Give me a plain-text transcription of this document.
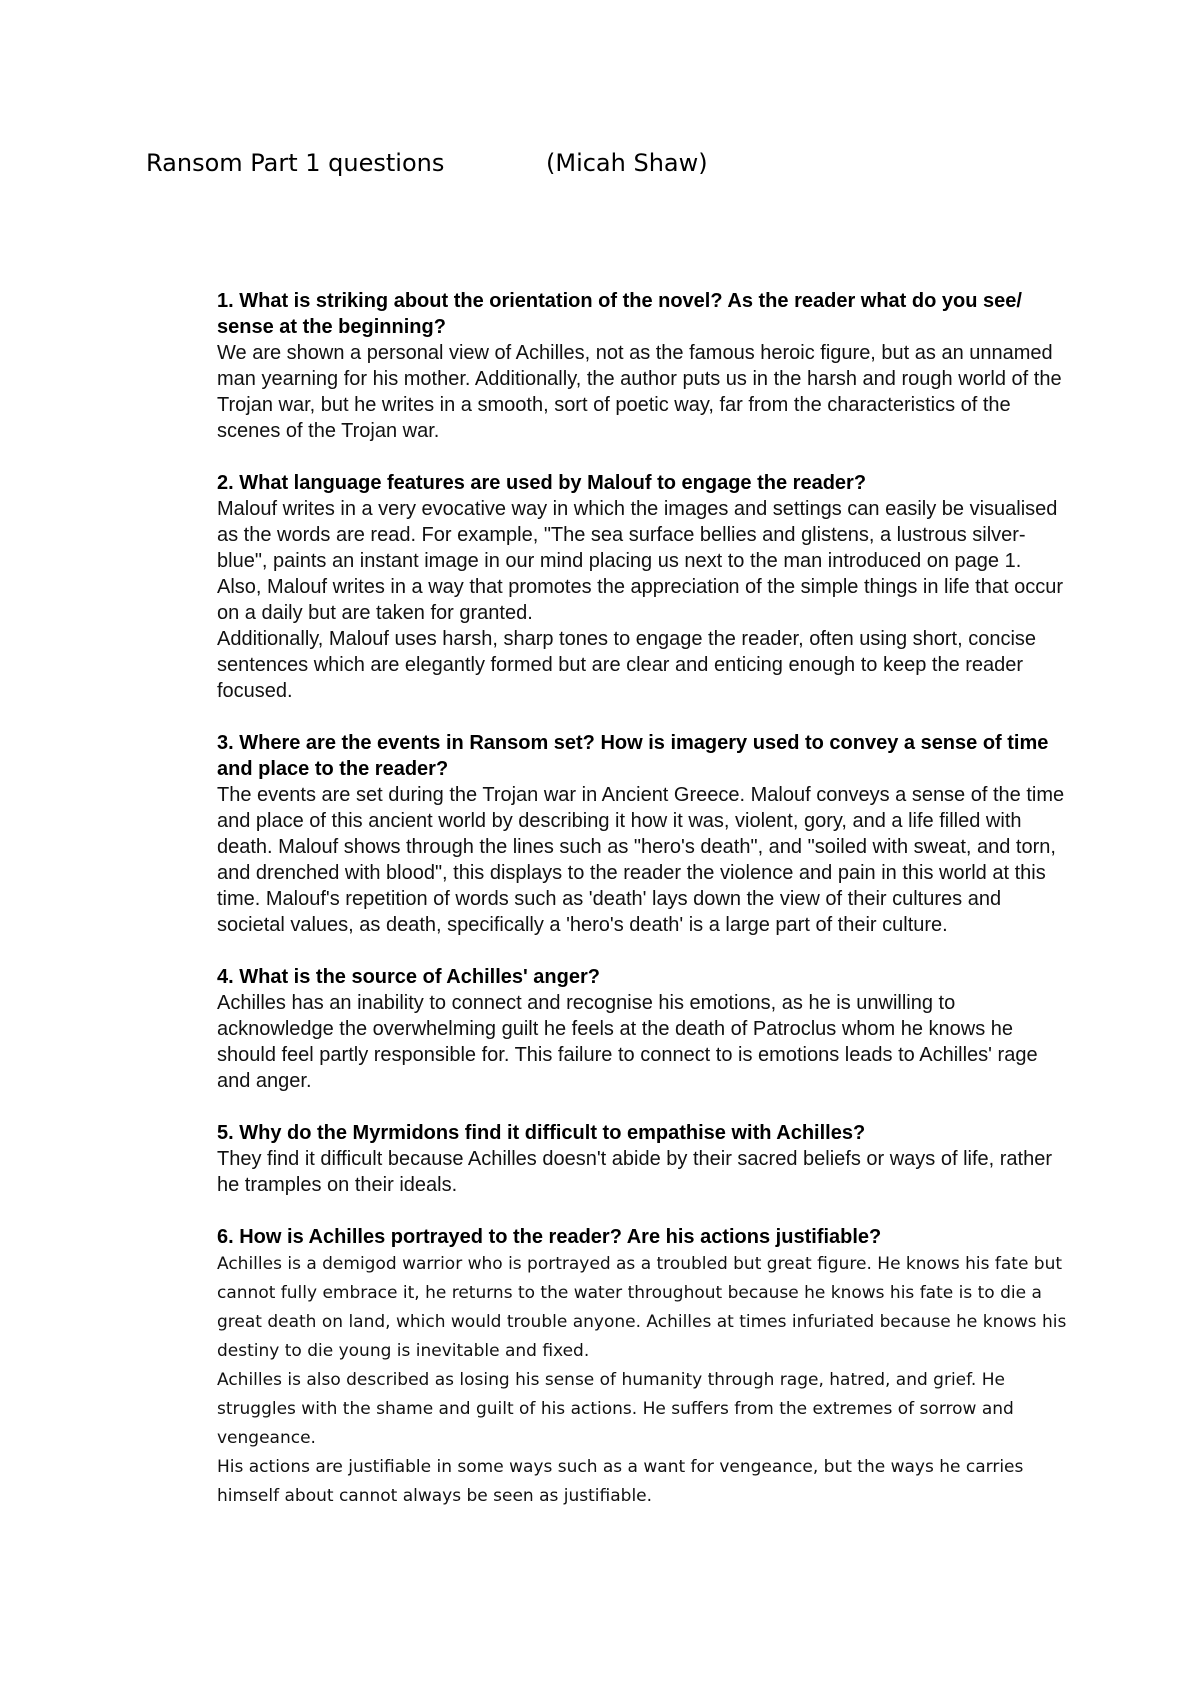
Ransom Part 1 questions	(Micah Shaw)

1. What is striking about the orientation of the novel? As the reader what do you see/ sense at the beginning?

We are shown a personal view of Achilles, not as the famous heroic figure, but as an unnamed man yearning for his mother. Additionally, the author puts us in the harsh and rough world of the Trojan war, but he writes in a smooth, sort of poetic way, far from the characteristics of the scenes of the Trojan war.

2. What language features are used by Malouf to engage the reader?

Malouf writes in a very evocative way in which the images and settings can easily be visualised as the words are read. For example, "The sea surface bellies and glistens, a lustrous silver-blue", paints an instant image in our mind placing us next to the man introduced on page 1. Also, Malouf writes in a way that promotes the appreciation of the simple things in life that occur on a daily but are taken for granted.

Additionally, Malouf uses harsh, sharp tones to engage the reader, often using short, concise sentences which are elegantly formed but are clear and enticing enough to keep the reader focused.

3. Where are the events in Ransom set? How is imagery used to convey a sense of time and place to the reader?

The events are set during the Trojan war in Ancient Greece. Malouf conveys a sense of the time and place of this ancient world by describing it how it was, violent, gory, and a life filled with death. Malouf shows through the lines such as "hero's death", and "soiled with sweat, and torn, and drenched with blood", this displays to the reader the violence and pain in this world at this time. Malouf's repetition of words such as 'death' lays down the view of their cultures and societal values, as death, specifically a 'hero's death' is a large part of their culture.

4. What is the source of Achilles' anger?

Achilles has an inability to connect and recognise his emotions, as he is unwilling to acknowledge the overwhelming guilt he feels at the death of Patroclus whom he knows he should feel partly responsible for. This failure to connect to is emotions leads to Achilles' rage and anger.

5. Why do the Myrmidons find it difficult to empathise with Achilles?

They find it difficult because Achilles doesn't abide by their sacred beliefs or ways of life, rather he tramples on their ideals.

6. How is Achilles portrayed to the reader? Are his actions justifiable?

Achilles is a demigod warrior who is portrayed as a troubled but great figure. He knows his fate but cannot fully embrace it, he returns to the water throughout because he knows his fate is to die a great death on land, which would trouble anyone. Achilles at times infuriated because he knows his destiny to die young is inevitable and fixed.

Achilles is also described as losing his sense of humanity through rage, hatred, and grief. He struggles with the shame and guilt of his actions. He suffers from the extremes of sorrow and vengeance.

His actions are justifiable in some ways such as a want for vengeance, but the ways he carries himself about cannot always be seen as justifiable.
